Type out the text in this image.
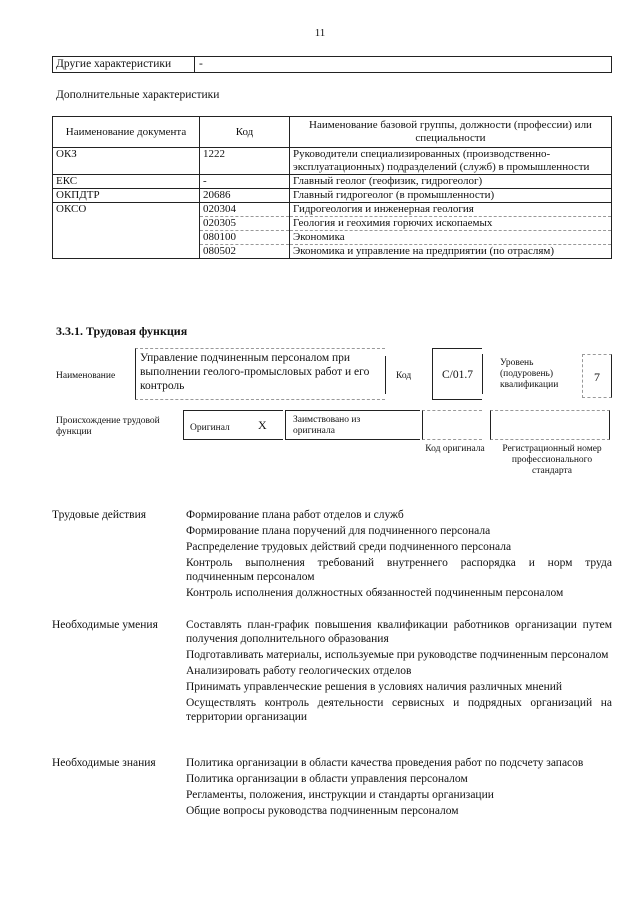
11
Другие характеристики	-
Дополнительные характеристики
Наименование документа	Код	Наименование базовой группы, должности (профессии) или специальности
ОКЗ	1222	Руководители специализированных (производственно-эксплуатационных) подразделений (служб) в промышленности
ЕКС	-	Главный геолог (геофизик, гидрогеолог)
ОКПДТР	20686	Главный гидрогеолог (в промышленности)
ОКСО	020304	Гидрогеология и инженерная геология
	020305	Геология и геохимия горючих ископаемых
	080100	Экономика
	080502	Экономика и управление на предприятии (по отраслям)
3.3.1. Трудовая функция
Наименование
Управление подчиненным персоналом при выполнении геолого-промысловых работ и его контроль
Код	C/01.7
Уровень (подуровень) квалификации
7
Происхождение трудовой функции	Оригинал X	Заимствовано из оригинала
Код оригинала	Регистрационный номер профессионального стандарта
Трудовые действия	Формирование плана работ отделов и служб
Формирование плана поручений для подчиненного персонала
Распределение трудовых действий среди подчиненного персонала
Контроль выполнения требований внутреннего распорядка и норм труда подчиненным персоналом
Контроль исполнения должностных обязанностей подчиненным персоналом
Необходимые умения	Составлять план-график повышения квалификации работников организации путем получения дополнительного образования
Подготавливать материалы, используемые при руководстве подчиненным персоналом
Анализировать работу геологических отделов
Принимать управленческие решения в условиях наличия различных мнений
Осуществлять контроль деятельности сервисных и подрядных организаций на территории организации
Необходимые знания	Политика организации в области качества проведения работ по подсчету запасов
Политика организации в области управления персоналом
Регламенты, положения, инструкции и стандарты организации
Общие вопросы руководства подчиненным персоналом
